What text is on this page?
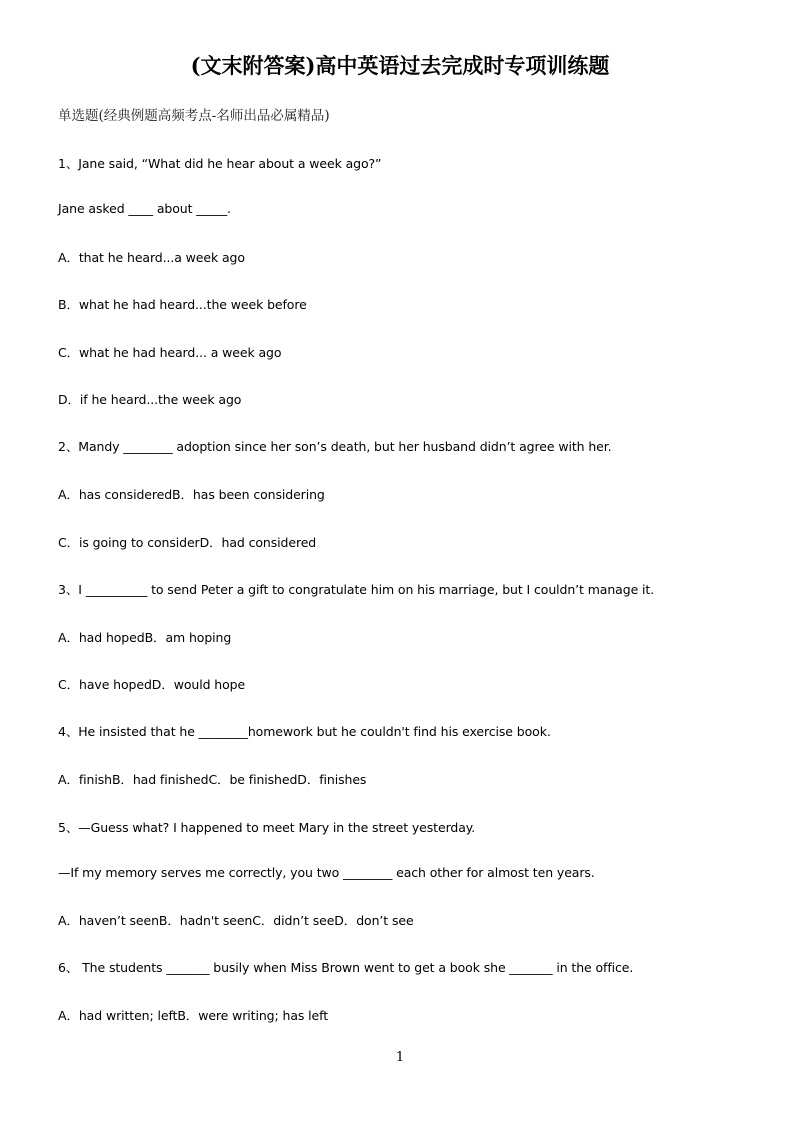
(文末附答案)高中英语过去完成时专项训练题
单选题(经典例题高频考点-名师出品必属精品)
1、Jane said, “What did he hear about a week ago?”
Jane asked ____ about _____.
A．that he heard...a week ago
B．what he had heard...the week before
C．what he had heard... a week ago
D．if he heard...the week ago
2、Mandy ________ adoption since her son’s death, but her husband didn’t agree with her.
A．has consideredB．has been considering
C．is going to considerD．had considered
3、I __________ to send Peter a gift to congratulate him on his marriage, but I couldn’t manage it.
A．had hopedB．am hoping
C．have hopedD．would hope
4、He insisted that he ________homework but he couldn't find his exercise book.
A．finishB．had finishedC．be finishedD．finishes
5、—Guess what? I happened to meet Mary in the street yesterday.
—If my memory serves me correctly, you two ________ each other for almost ten years.
A．haven’t seenB．hadn't seenC．didn’t seeD．don’t see
6、 The students _______ busily when Miss Brown went to get a book she _______ in the office.
A．had written; leftB．were writing; has left
1
